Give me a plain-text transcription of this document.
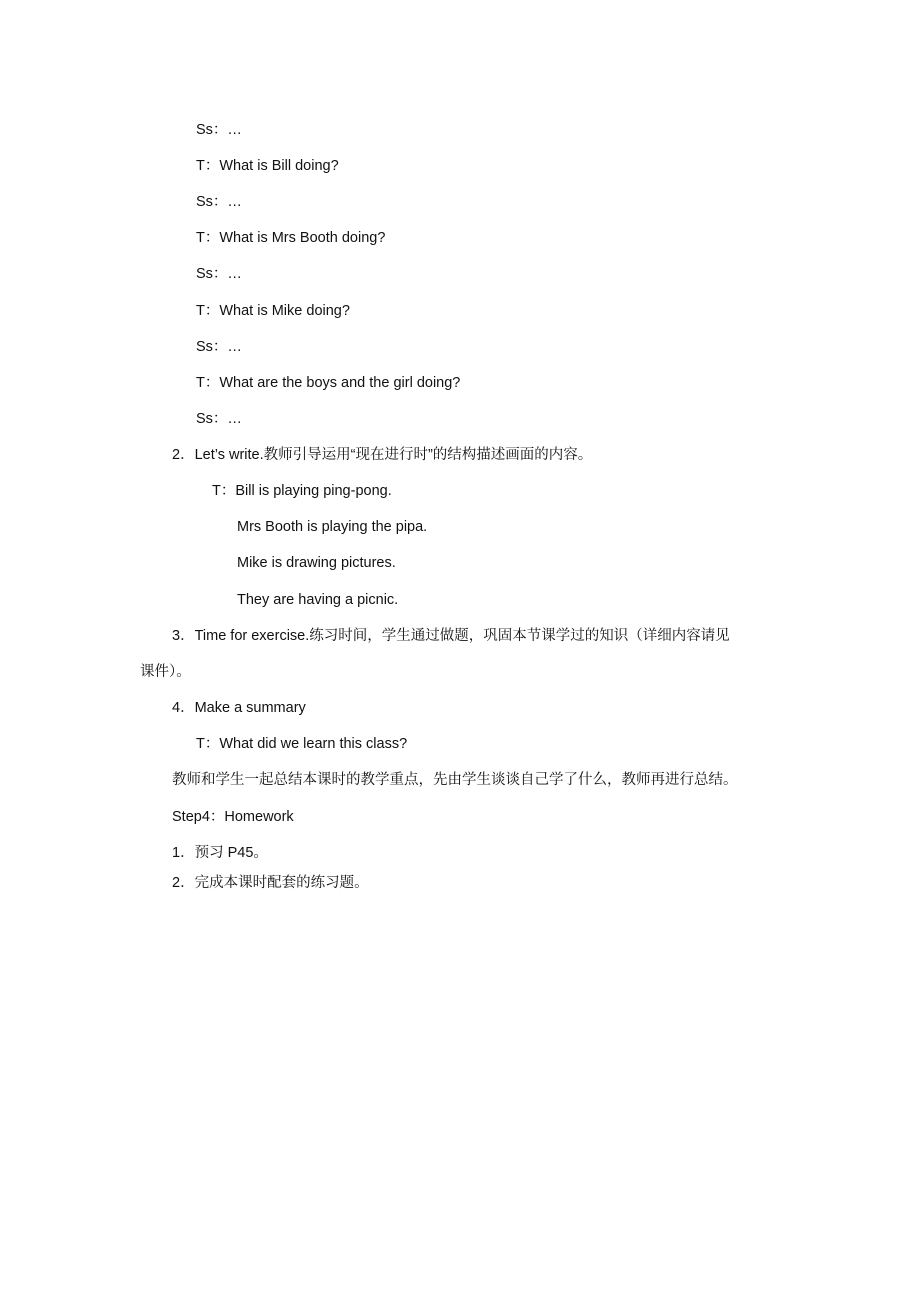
Ss：…
T：What is Bill doing?
Ss：…
T：What is Mrs Booth doing?
Ss：…
T：What is Mike doing?
Ss：…
T：What are the boys and the girl doing?
Ss：…
2．Let’s write.教师引导运用“现在进行时”的结构描述画面的内容。
T：Bill is playing ping-pong.
Mrs Booth is playing the pipa.
Mike is drawing pictures.
They are having a picnic.
3．Time for exercise.练习时间，学生通过做题，巩固本节课学过的知识（详细内容请见
课件）。
4．Make a summary
T：What did we learn this class?
教师和学生一起总结本课时的教学重点，先由学生谈谈自己学了什么，教师再进行总结。
Step4：Homework
1．预习 P45。
2．完成本课时配套的练习题。
